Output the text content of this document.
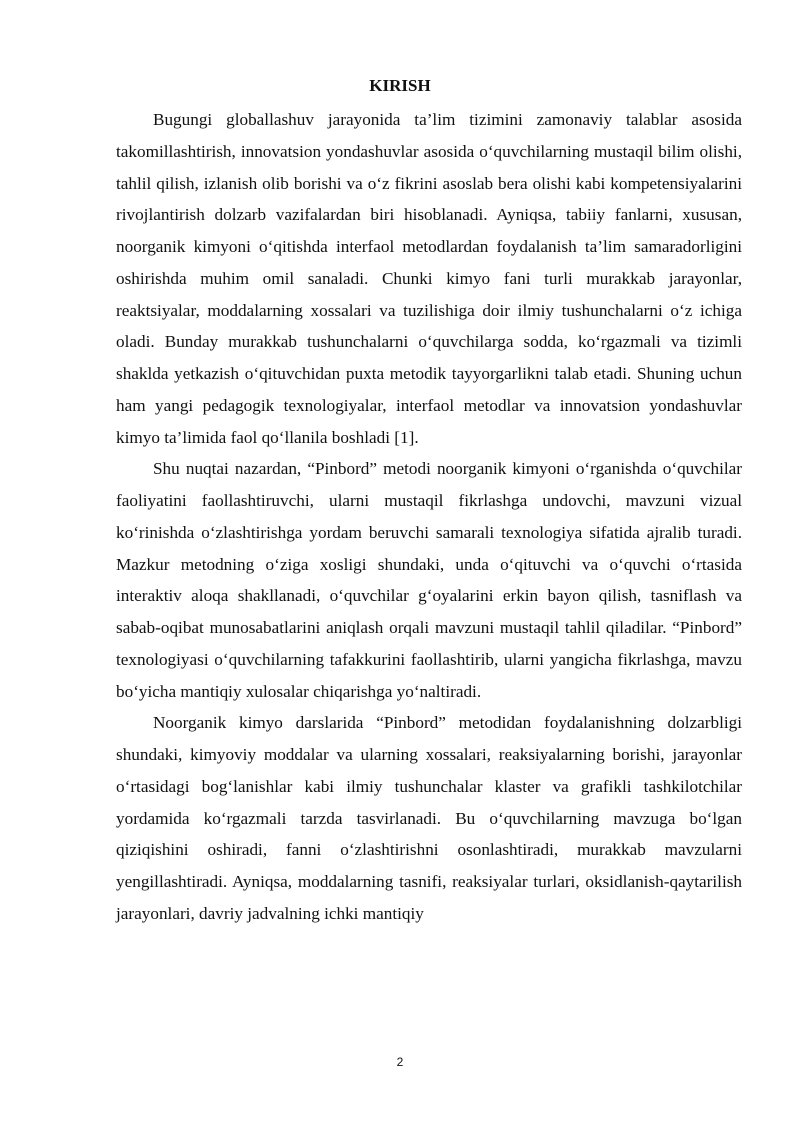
KIRISH

Bugungi globallashuv jarayonida ta’lim tizimini zamonaviy talablar asosida takomillashtirish, innovatsion yondashuvlar asosida o‘quvchilarning mustaqil bilim olishi, tahlil qilish, izlanish olib borishi va o‘z fikrini asoslab bera olishi kabi kompetensiyalarini rivojlantirish dolzarb vazifalardan biri hisoblanadi. Ayniqsa, tabiiy fanlarni, xususan, noorganik kimyoni o‘qitishda interfaol metodlardan foydalanish ta’lim samaradorligini oshirishda muhim omil sanaladi. Chunki kimyo fani turli murakkab jarayonlar, reaktsiyalar, moddalarning xossalari va tuzilishiga doir ilmiy tushunchalarni o‘z ichiga oladi. Bunday murakkab tushunchalarni o‘quvchilarga sodda, ko‘rgazmali va tizimli shaklda yetkazish o‘qituvchidan puxta metodik tayyorgarlikni talab etadi. Shuning uchun ham yangi pedagogik texnologiyalar, interfaol metodlar va innovatsion yondashuvlar kimyo ta’limida faol qo‘llanila boshladi [1].

Shu nuqtai nazardan, “Pinbord” metodi noorganik kimyoni o‘rganishda o‘quvchilar faoliyatini faollashtiruvchi, ularni mustaqil fikrlashga undovchi, mavzuni vizual ko‘rinishda o‘zlashtirishga yordam beruvchi samarali texnologiya sifatida ajralib turadi. Mazkur metodning o‘ziga xosligi shundaki, unda o‘qituvchi va o‘quvchi o‘rtasida interaktiv aloqa shakllanadi, o‘quvchilar g‘oyalarini erkin bayon qilish, tasniflash va sabab-oqibat munosabatlarini aniqlash orqali mavzuni mustaqil tahlil qiladilar. “Pinbord” texnologiyasi o‘quvchilarning tafakkurini faollashtirib, ularni yangicha fikrlashga, mavzu bo‘yicha mantiqiy xulosalar chiqarishga yo‘naltiradi.

Noorganik kimyo darslarida “Pinbord” metodidan foydalanishning dolzarbligi shundaki, kimyoviy moddalar va ularning xossalari, reaksiyalarning borishi, jarayonlar o‘rtasidagi bog‘lanishlar kabi ilmiy tushunchalar klaster va grafikli tashkilotchilar yordamida ko‘rgazmali tarzda tasvirlanadi. Bu o‘quvchilarning mavzuga bo‘lgan qiziqishini oshiradi, fanni o‘zlashtirishni osonlashtiradi, murakkab mavzularni yengillashtiradi. Ayniqsa, moddalarning tasnifi, reaksiyalar turlari, oksidlanish-qaytarilish jarayonlari, davriy jadvalning ichki mantiqiy

2
